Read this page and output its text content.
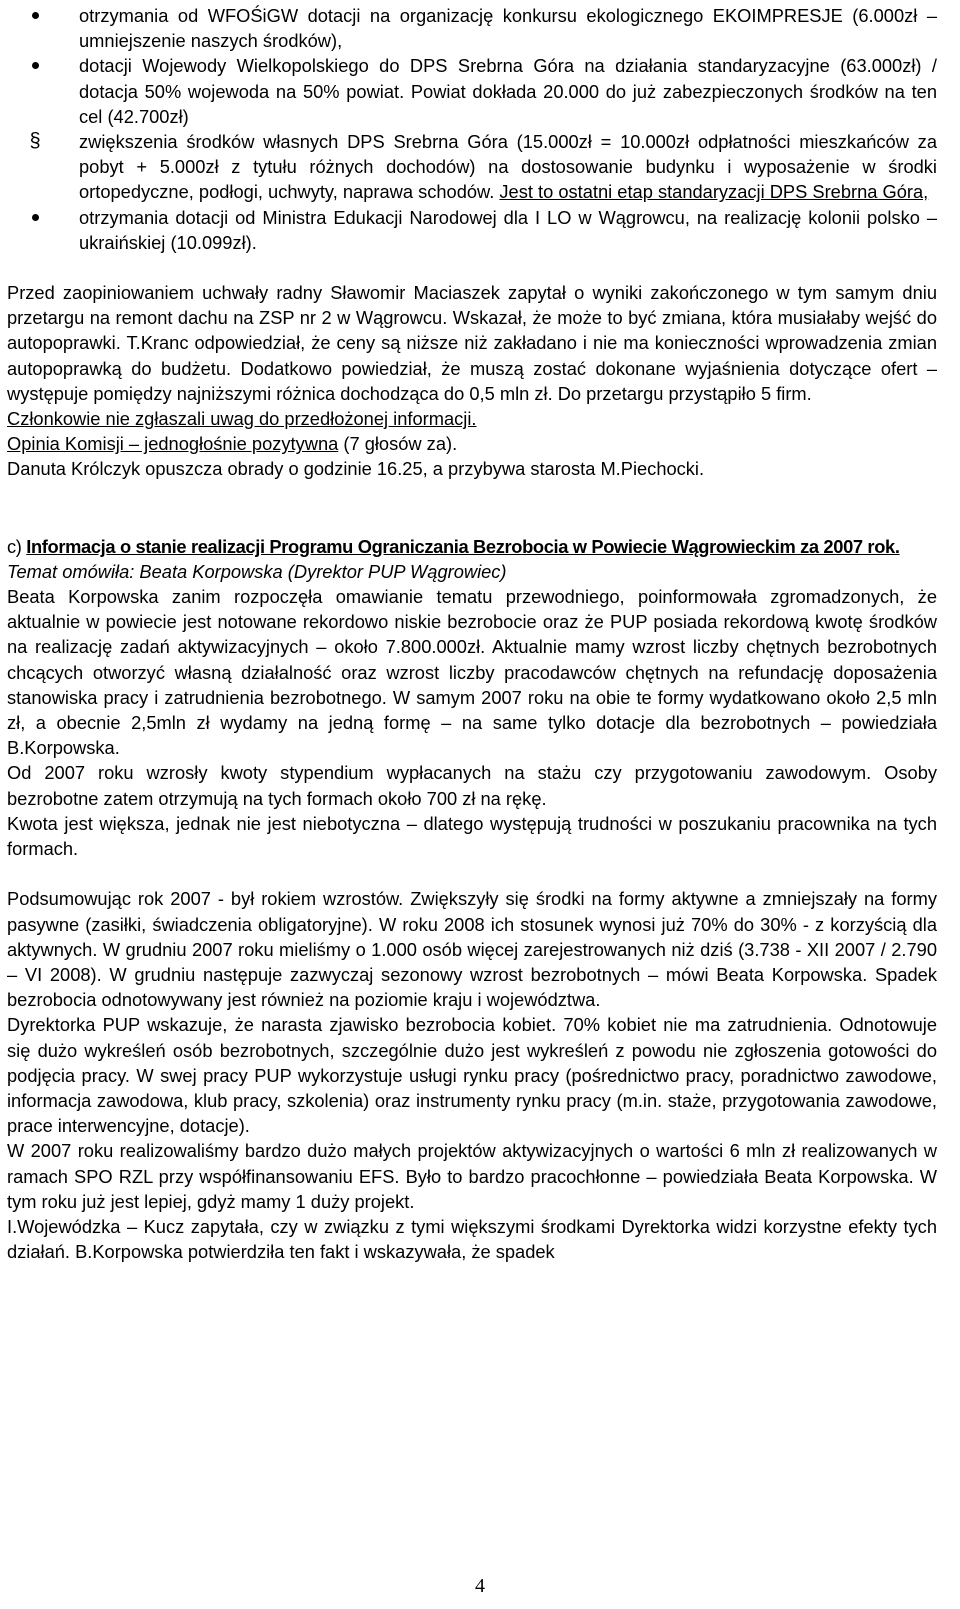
otrzymania od WFOŚiGW dotacji na organizację konkursu ekologicznego EKOIMPRESJE (6.000zł – umniejszenie naszych środków),
dotacji Wojewody Wielkopolskiego do DPS Srebrna Góra na działania standaryzacyjne (63.000zł) / dotacja 50% wojewoda na 50% powiat. Powiat dokłada 20.000 do już zabezpieczonych środków na ten cel (42.700zł)
§ zwiększenia środków własnych DPS Srebrna Góra (15.000zł = 10.000zł odpłatności mieszkańców za pobyt + 5.000zł z tytułu różnych dochodów) na dostosowanie budynku i wyposażenie w środki ortopedyczne, podłogi, uchwyty, naprawa schodów. Jest to ostatni etap standaryzacji DPS Srebrna Góra,
otrzymania dotacji od Ministra Edukacji Narodowej dla I LO w Wągrowcu, na realizację kolonii polsko – ukraińskiej (10.099zł).

Przed zaopiniowaniem uchwały radny Sławomir Maciaszek zapytał o wyniki zakończonego w tym samym dniu przetargu na remont dachu na ZSP nr 2 w Wągrowcu. Wskazał, że może to być zmiana, która musiałaby wejść do autopoprawki. T.Kranc odpowiedział, że ceny są niższe niż zakładano i nie ma konieczności wprowadzenia zmian autopoprawką do budżetu. Dodatkowo powiedział, że muszą zostać dokonane wyjaśnienia dotyczące ofert – występuje pomiędzy najniższymi różnica dochodząca do 0,5 mln zł. Do przetargu przystąpiło 5 firm.

Członkowie nie zgłaszali uwag do przedłożonej informacji.

Opinia Komisji – jednogłośnie pozytywna (7 głosów za).

Danuta Królczyk opuszcza obrady o godzinie 16.25, a przybywa starosta M.Piechocki.

c) Informacja o stanie realizacji Programu Ograniczania Bezrobocia w Powiecie Wągrowieckim za 2007 rok.

Temat omówiła: Beata Korpowska (Dyrektor PUP Wągrowiec)

Beata Korpowska zanim rozpoczęła omawianie tematu przewodniego, poinformowała zgromadzonych, że aktualnie w powiecie jest notowane rekordowo niskie bezrobocie oraz że PUP posiada rekordową kwotę środków na realizację zadań aktywizacyjnych – około 7.800.000zł. Aktualnie mamy wzrost liczby chętnych bezrobotnych chcących otworzyć własną działalność oraz wzrost liczby pracodawców chętnych na refundację doposażenia stanowiska pracy i zatrudnienia bezrobotnego. W samym 2007 roku na obie te formy wydatkowano około 2,5 mln zł, a obecnie 2,5mln zł wydamy na jedną formę – na same tylko dotacje dla bezrobotnych – powiedziała B.Korpowska.

Od 2007 roku wzrosły kwoty stypendium wypłacanych na stażu czy przygotowaniu zawodowym. Osoby bezrobotne zatem otrzymują na tych formach około 700 zł na rękę.

Kwota jest większa, jednak nie jest niebotyczna – dlatego występują trudności w poszukaniu pracownika na tych formach.

Podsumowując rok 2007 - był rokiem wzrostów. Zwiększyły się środki na formy aktywne a zmniejszały na formy pasywne (zasiłki, świadczenia obligatoryjne). W roku 2008 ich stosunek wynosi już 70% do 30% - z korzyścią dla aktywnych. W grudniu 2007 roku mieliśmy o 1.000 osób więcej zarejestrowanych niż dziś (3.738 - XII 2007 / 2.790 – VI 2008). W grudniu następuje zazwyczaj sezonowy wzrost bezrobotnych – mówi Beata Korpowska. Spadek bezrobocia odnotowywany jest również na poziomie kraju i województwa.

Dyrektorka PUP wskazuje, że narasta zjawisko bezrobocia kobiet. 70% kobiet nie ma zatrudnienia. Odnotowuje się dużo wykreśleń osób bezrobotnych, szczególnie dużo jest wykreśleń z powodu nie zgłoszenia gotowości do podjęcia pracy. W swej pracy PUP wykorzystuje usługi rynku pracy (pośrednictwo pracy, poradnictwo zawodowe, informacja zawodowa, klub pracy, szkolenia) oraz instrumenty rynku pracy (m.in. staże, przygotowania zawodowe, prace interwencyjne, dotacje).

W 2007 roku realizowaliśmy bardzo dużo małych projektów aktywizacyjnych o wartości 6 mln zł realizowanych w ramach SPO RZL przy współfinansowaniu EFS. Było to bardzo pracochłonne – powiedziała Beata Korpowska. W tym roku już jest lepiej, gdyż mamy 1 duży projekt.

I.Wojewódzka – Kucz zapytała, czy w związku z tymi większymi środkami Dyrektorka widzi korzystne efekty tych działań. B.Korpowska potwierdziła ten fakt i wskazywała, że spadek

4
